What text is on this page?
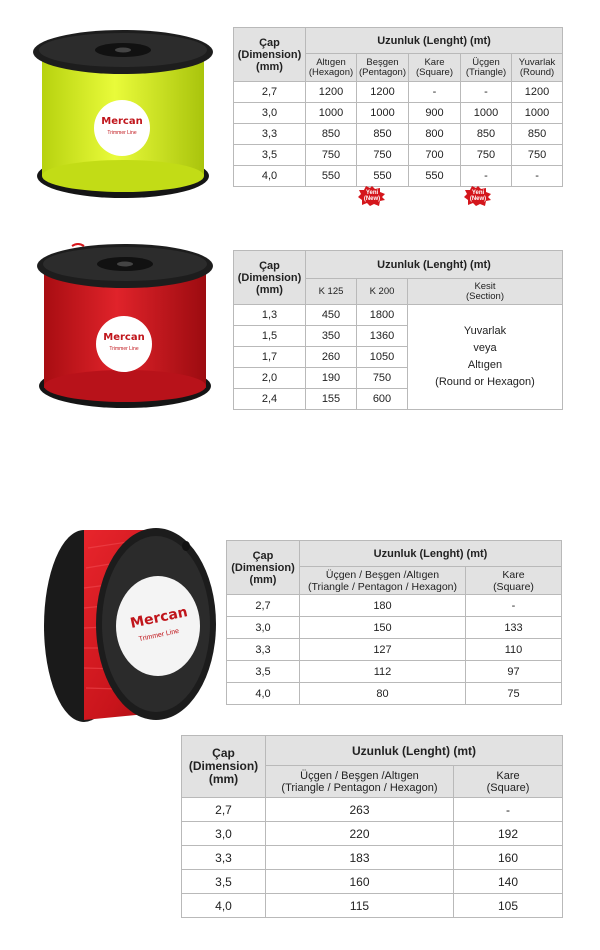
Mercan
Trimmer Line
Çap
(Dimension)
(mm)	Uzunluk (Lenght) (mt)				

	Altıgen
(Hexagon)	Beşgen
(Pentagon)	Kare
(Square)	Üçgen
(Triangle)	Yuvarlak
(Round)

2,7	1200	1200	-	-	1200
3,0	1000	1000	900	1000	1000
3,3	850	850	800	850	850
3,5	750	750	700	750	750
4,0	550	550	550	-	-
Yeni
(New)
Yeni
(New)
Mercan
Trimmer Line
Çap
(Dimension)
(mm)	Uzunluk (Lenght) (mt)		
	K 125	K 200	Kesit
(Section)

1,3	450	1800	Yuvarlak
veya
Altıgen
(Round or Hexagon)

1,5	350	1360	
1,7	260	1050	
2,0	190	750	
2,4	155	600	
Mercan
Trimmer Line
Çap
(Dimension)
(mm)	Uzunluk (Lenght) (mt)	

	Üçgen / Beşgen /Altıgen
(Triangle / Pentagon / Hexagon)	Kare
(Square)

2,7	180	-
3,0	150	133
3,3	127	110
3,5	112	97
4,0	80	75
Çap
(Dimension)
(mm)	Uzunluk (Lenght) (mt)	

	Üçgen / Beşgen /Altıgen
(Triangle / Pentagon / Hexagon)	Kare
(Square)

2,7	263	-
3,0	220	192
3,3	183	160
3,5	160	140
4,0	115	105
